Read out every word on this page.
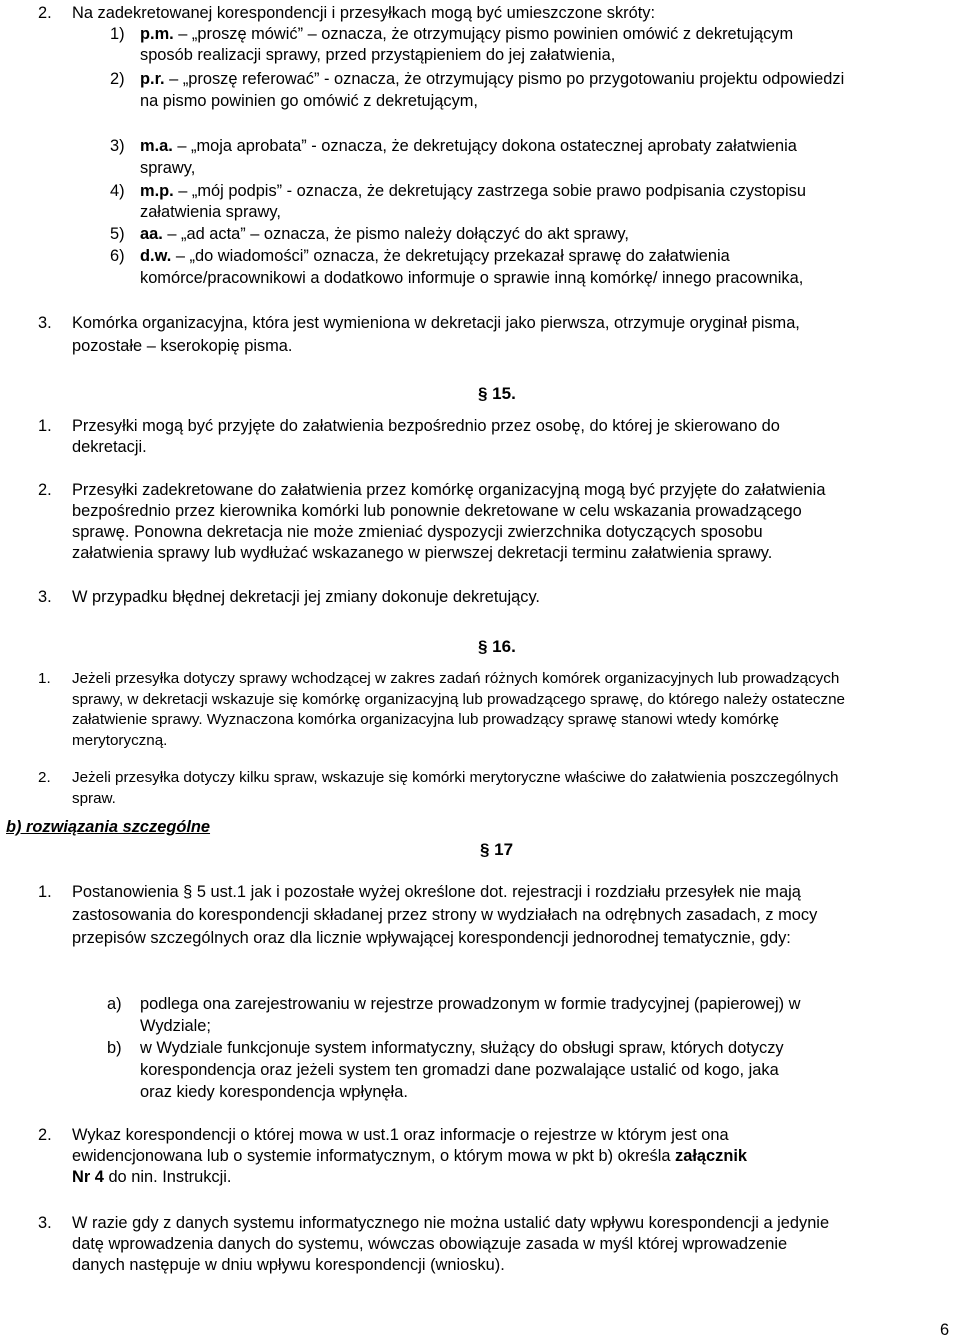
2. Na zadekretowanej korespondencji i przesyłkach mogą być umieszczone skróty:
1) p.m. – „proszę mówić” – oznacza, że otrzymujący pismo powinien omówić z dekretującym
sposób realizacji sprawy, przed przystąpieniem do jej załatwienia,
2) p.r. – „proszę referować” - oznacza, że otrzymujący pismo po przygotowaniu projektu odpowiedzi
na pismo powinien go omówić z dekretującym,
3) m.a. – „moja aprobata” - oznacza, że dekretujący dokona ostatecznej aprobaty załatwienia
sprawy,
4) m.p. – „mój podpis” - oznacza, że dekretujący zastrzega sobie prawo podpisania czystopisu
załatwienia sprawy,
5) aa. – „ad acta” – oznacza, że pismo należy dołączyć do akt sprawy,
6) d.w. – „do wiadomości” oznacza, że dekretujący przekazał sprawę do załatwienia
komórce/pracownikowi a dodatkowo informuje o sprawie inną komórkę/ innego pracownika,
3. Komórka organizacyjna, która jest wymieniona w dekretacji jako pierwsza, otrzymuje oryginał pisma,
pozostałe – kserokopię pisma.
§ 15.
1. Przesyłki mogą być przyjęte do załatwienia bezpośrednio przez osobę, do której je skierowano do
dekretacji.
2. Przesyłki zadekretowane do załatwienia przez komórkę organizacyjną mogą być przyjęte do załatwienia
bezpośrednio przez kierownika komórki lub ponownie dekretowane w celu wskazania prowadzącego
sprawę. Ponowna dekretacja nie może zmieniać dyspozycji zwierzchnika dotyczących sposobu
załatwienia sprawy lub wydłużać wskazanego w pierwszej dekretacji terminu załatwienia sprawy.
3. W przypadku błędnej dekretacji jej zmiany dokonuje dekretujący.
§ 16.
1. Jeżeli przesyłka dotyczy sprawy wchodzącej w zakres zadań różnych komórek organizacyjnych lub prowadzących
sprawy, w dekretacji wskazuje się komórkę organizacyjną lub prowadzącego sprawę, do którego należy ostateczne
załatwienie sprawy. Wyznaczona komórka organizacyjna lub prowadzący sprawę stanowi wtedy komórkę
merytoryczną.
2. Jeżeli przesyłka dotyczy kilku spraw, wskazuje się komórki merytoryczne właściwe do załatwienia poszczególnych
spraw.
b) rozwiązania szczególne
§ 17
1. Postanowienia § 5 ust.1 jak i pozostałe wyżej określone dot. rejestracji i rozdziału przesyłek nie mają
zastosowania do korespondencji składanej przez strony w wydziałach na odrębnych zasadach, z mocy
przepisów szczególnych oraz dla licznie wpływającej korespondencji jednorodnej tematycznie, gdy:
a) podlega ona zarejestrowaniu w rejestrze prowadzonym w formie tradycyjnej (papierowej) w
Wydziale;
b) w Wydziale funkcjonuje system informatyczny, służący do obsługi spraw, których dotyczy
korespondencja oraz jeżeli system ten gromadzi dane pozwalające ustalić od kogo, jaka
oraz kiedy korespondencja wpłynęła.
2. Wykaz korespondencji o której mowa w ust.1 oraz informacje o rejestrze w którym jest ona
ewidencjonowana lub o systemie informatycznym, o którym mowa w pkt b) określa załącznik
Nr 4 do nin. Instrukcji.
3. W razie gdy z danych systemu informatycznego nie można ustalić daty wpływu korespondencji a jedynie
datę wprowadzenia danych do systemu, wówczas obowiązuje zasada w myśl której wprowadzenie
danych następuje w dniu wpływu korespondencji (wniosku).
6
